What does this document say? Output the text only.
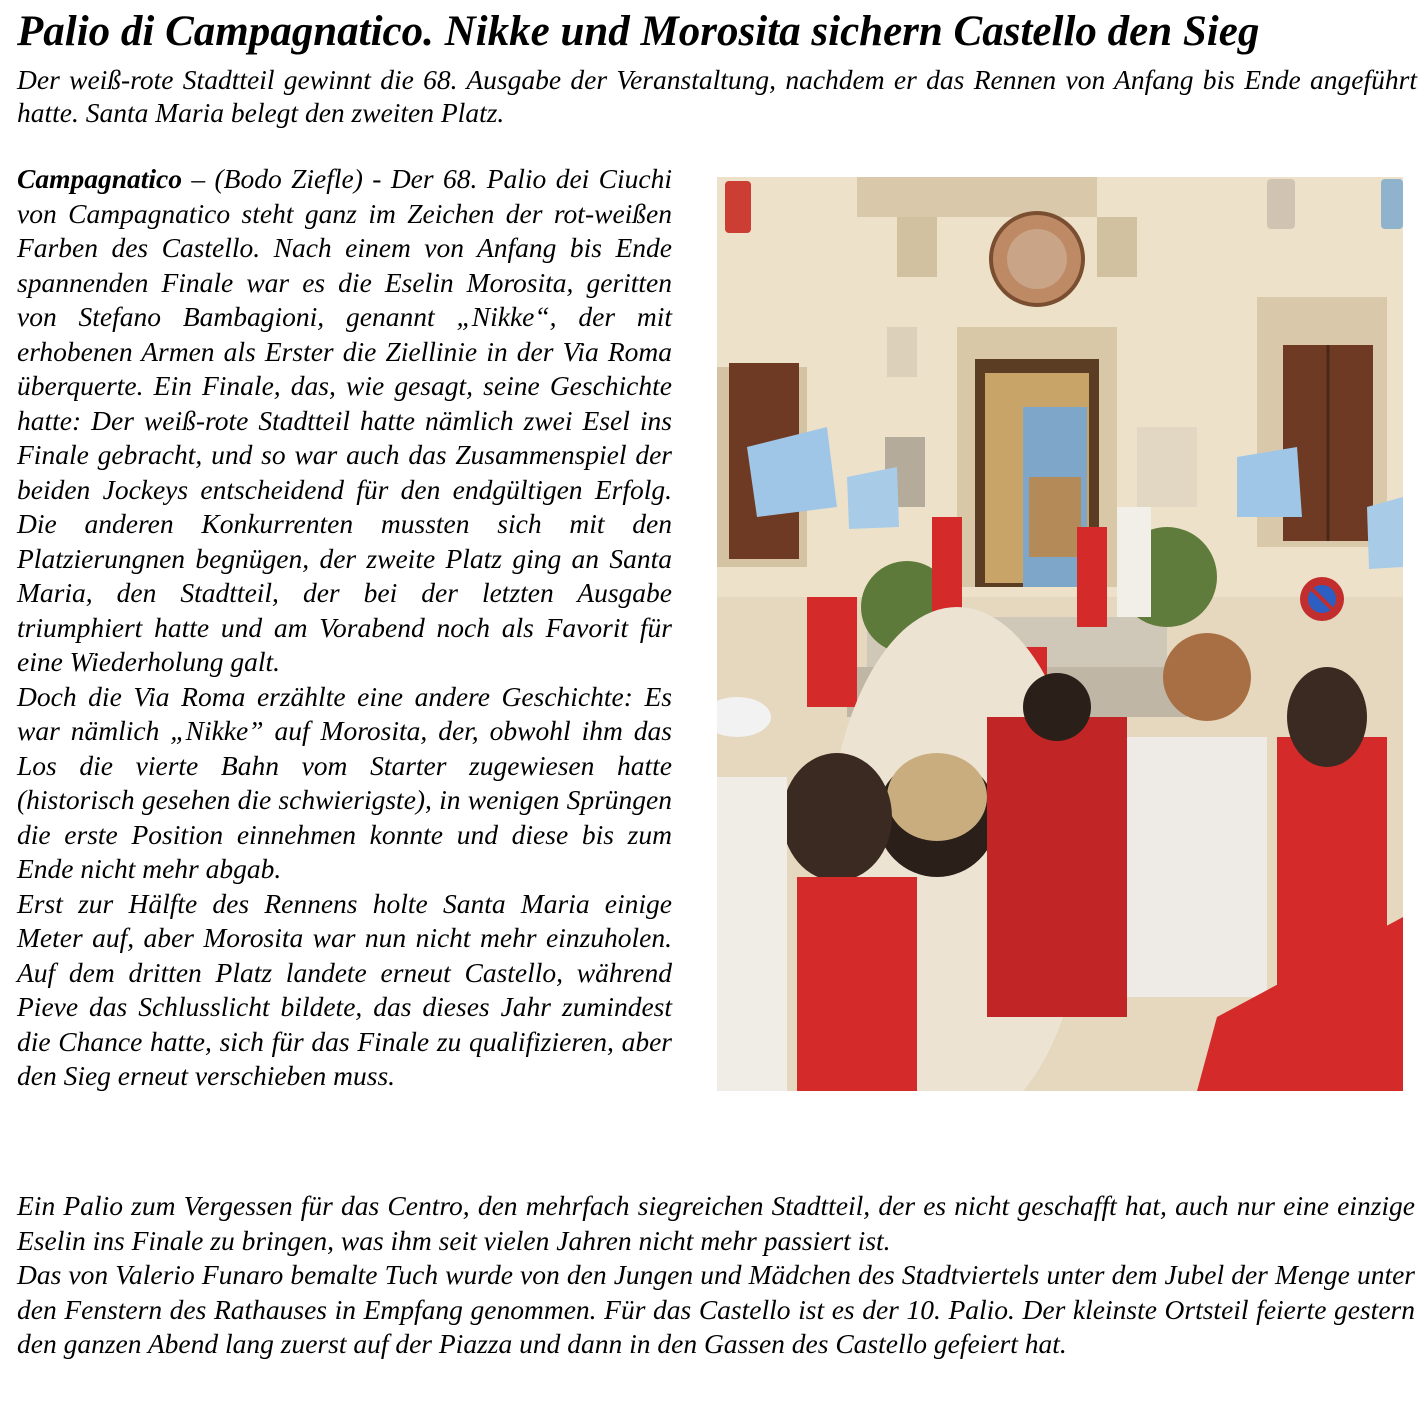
Palio di Campagnatico. Nikke und Morosita sichern Castello den Sieg

Der weiß-rote Stadtteil gewinnt die 68. Ausgabe der Veranstaltung, nachdem er das Rennen von Anfang bis Ende angeführt hatte. Santa Maria belegt den zweiten Platz.

Campagnatico – (Bodo Ziefle) - Der 68. Palio dei Ciuchi von Campagnatico steht ganz im Zeichen der rot-weißen Farben des Castello. Nach einem von Anfang bis Ende spannenden Finale war es die Eselin Morosita, geritten von Stefano Bambagioni, genannt „Nikke“, der mit erhobenen Armen als Erster die Ziellinie in der Via Roma überquerte. Ein Finale, das, wie gesagt, seine Geschichte hatte: Der weiß-rote Stadtteil hatte nämlich zwei Esel ins Finale gebracht, und so war auch das Zusammenspiel der beiden Jockeys entscheidend für den endgültigen Erfolg. Die anderen Konkurrenten mussten sich mit den Platzierungnen begnügen, der zweite Platz ging an Santa Maria, den Stadtteil, der bei der letzten Ausgabe triumphiert hatte und am Vorabend noch als Favorit für eine Wiederholung galt.

Doch die Via Roma erzählte eine andere Geschichte: Es war nämlich „Nikke” auf Morosita, der, obwohl ihm das Los die vierte Bahn vom Starter zugewiesen hatte (historisch gesehen die schwierigste), in wenigen Sprüngen die erste Position einnehmen konnte und diese bis zum Ende nicht mehr abgab.

Erst zur Hälfte des Rennens holte Santa Maria einige Meter auf, aber Morosita war nun nicht mehr einzuholen. Auf dem dritten Platz landete erneut Castello, während Pieve das Schlusslicht bildete, das dieses Jahr zumindest die Chance hatte, sich für das Finale zu qualifizieren, aber den Sieg erneut verschieben muss.

Ein Palio zum Vergessen für das Centro, den mehrfach siegreichen Stadtteil, der es nicht geschafft hat, auch nur eine einzige Eselin ins Finale zu bringen, was ihm seit vielen Jahren nicht mehr passiert ist.

Das von Valerio Funaro bemalte Tuch wurde von den Jungen und Mädchen des Stadtviertels unter dem Jubel der Menge unter den Fenstern des Rathauses in Empfang genommen. Für das Castello ist es der 10. Palio. Der kleinste Ortsteil feierte gestern den ganzen Abend lang zuerst auf der Piazza und dann in den Gassen des Castello gefeiert hat.
